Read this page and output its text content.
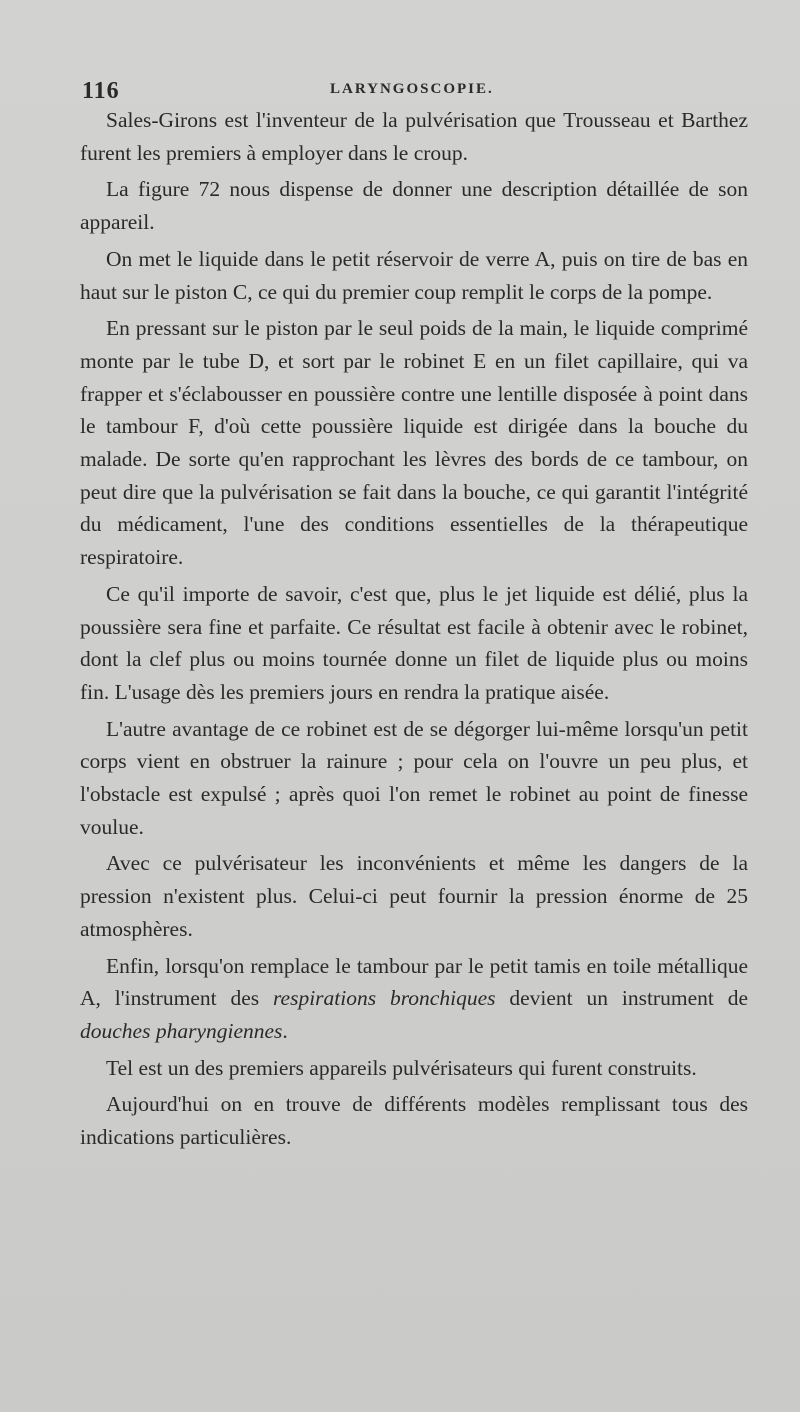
116	LARYNGOSCOPIE.

Sales-Girons est l'inventeur de la pulvérisation que Trousseau et Barthez furent les premiers à employer dans le croup.

La figure 72 nous dispense de donner une description détaillée de son appareil.

On met le liquide dans le petit réservoir de verre A, puis on tire de bas en haut sur le piston C, ce qui du premier coup remplit le corps de la pompe.

En pressant sur le piston par le seul poids de la main, le liquide comprimé monte par le tube D, et sort par le robinet E en un filet capillaire, qui va frapper et s'éclabousser en poussière contre une lentille disposée à point dans le tambour F, d'où cette poussière liquide est dirigée dans la bouche du malade. De sorte qu'en rapprochant les lèvres des bords de ce tambour, on peut dire que la pulvérisation se fait dans la bouche, ce qui garantit l'intégrité du médicament, l'une des conditions essentielles de la thérapeutique respiratoire.

Ce qu'il importe de savoir, c'est que, plus le jet liquide est délié, plus la poussière sera fine et parfaite. Ce résultat est facile à obtenir avec le robinet, dont la clef plus ou moins tournée donne un filet de liquide plus ou moins fin. L'usage dès les premiers jours en rendra la pratique aisée.

L'autre avantage de ce robinet est de se dégorger lui-même lorsqu'un petit corps vient en obstruer la rainure ; pour cela on l'ouvre un peu plus, et l'obstacle est expulsé ; après quoi l'on remet le robinet au point de finesse voulue.

Avec ce pulvérisateur les inconvénients et même les dangers de la pression n'existent plus. Celui-ci peut fournir la pression énorme de 25 atmosphères.

Enfin, lorsqu'on remplace le tambour par le petit tamis en toile métallique A, l'instrument des respirations bronchiques devient un instrument de douches pharyngiennes.

Tel est un des premiers appareils pulvérisateurs qui furent construits.

Aujourd'hui on en trouve de différents modèles remplissant tous des indications particulières.
